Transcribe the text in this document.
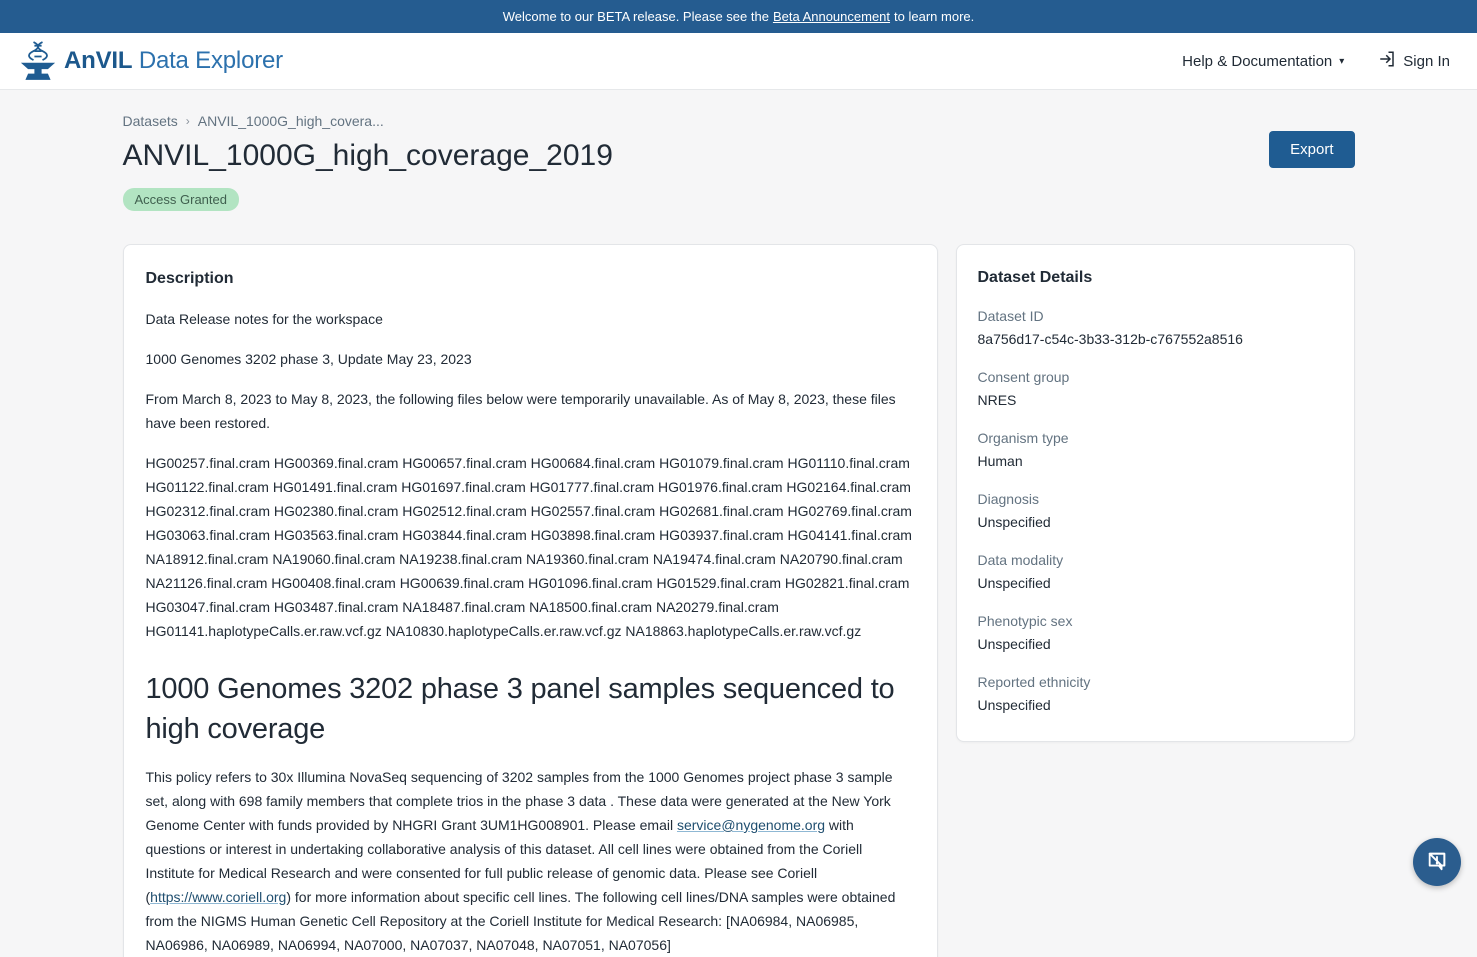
Welcome to our BETA release. Please see the Beta Announcement to learn more.
AnVIL Data Explorer	Help & Documentation ▾	Sign In
Datasets › ANVIL_1000G_high_covera...
ANVIL_1000G_high_coverage_2019	Export
Access Granted
Description

Data Release notes for the workspace

1000 Genomes 3202 phase 3, Update May 23, 2023

From March 8, 2023 to May 8, 2023, the following files below were temporarily unavailable. As of May 8, 2023, these files have been restored.

HG00257.final.cram HG00369.final.cram HG00657.final.cram HG00684.final.cram HG01079.final.cram HG01110.final.cram HG01122.final.cram HG01491.final.cram HG01697.final.cram HG01777.final.cram HG01976.final.cram HG02164.final.cram HG02312.final.cram HG02380.final.cram HG02512.final.cram HG02557.final.cram HG02681.final.cram HG02769.final.cram HG03063.final.cram HG03563.final.cram HG03844.final.cram HG03898.final.cram HG03937.final.cram HG04141.final.cram NA18912.final.cram NA19060.final.cram NA19238.final.cram NA19360.final.cram NA19474.final.cram NA20790.final.cram NA21126.final.cram HG00408.final.cram HG00639.final.cram HG01096.final.cram HG01529.final.cram HG02821.final.cram HG03047.final.cram HG03487.final.cram NA18487.final.cram NA18500.final.cram NA20279.final.cram HG01141.haplotypeCalls.er.raw.vcf.gz NA10830.haplotypeCalls.er.raw.vcf.gz NA18863.haplotypeCalls.er.raw.vcf.gz

1000 Genomes 3202 phase 3 panel samples sequenced to high coverage

This policy refers to 30x Illumina NovaSeq sequencing of 3202 samples from the 1000 Genomes project phase 3 sample set, along with 698 family members that complete trios in the phase 3 data . These data were generated at the New York Genome Center with funds provided by NHGRI Grant 3UM1HG008901. Please email service@nygenome.org with questions or interest in undertaking collaborative analysis of this dataset. All cell lines were obtained from the Coriell Institute for Medical Research and were consented for full public release of genomic data. Please see Coriell (https://www.coriell.org) for more information about specific cell lines. The following cell lines/DNA samples were obtained from the NIGMS Human Genetic Cell Repository at the Coriell Institute for Medical Research: [NA06984, NA06985, NA06986, NA06989, NA06994, NA07000, NA07037, NA07048, NA07051, NA07056]

Dataset Details
Dataset ID
8a756d17-c54c-3b33-312b-c767552a8516
Consent group
NRES
Organism type
Human
Diagnosis
Unspecified
Data modality
Unspecified
Phenotypic sex
Unspecified
Reported ethnicity
Unspecified
